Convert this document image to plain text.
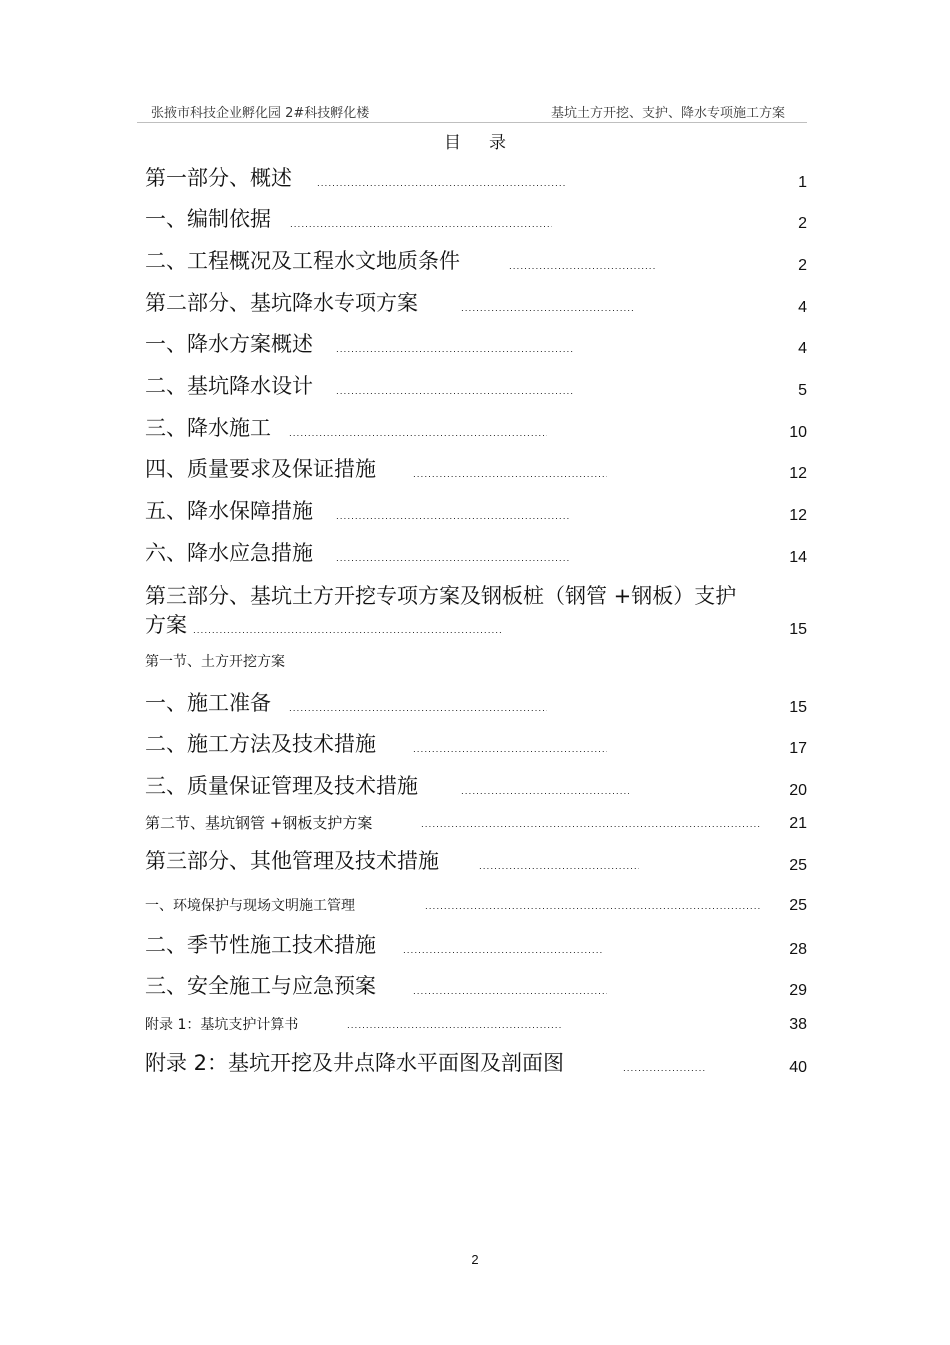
张掖市科技企业孵化园 2#科技孵化楼	基坑土方开挖、支护、降水专项施工方案
目录
第一部分、概述 .....	1
一、编制依据 .....	2
二、工程概况及工程水文地质条件 .....	2
第二部分、基坑降水专项方案 .....	4
一、降水方案概述 .....	4
二、基坑降水设计 .....	5
三、降水施工 .....	10
四、质量要求及保证措施 .....	12
五、降水保障措施 .....	12
六、降水应急措施 .....	14
第三部分、基坑土方开挖专项方案及钢板桩（钢管 +钢板）支护
方案 .....	15
第一节、土方开挖方案
一、施工准备 .....	15
二、施工方法及技术措施 .....	17
三、质量保证管理及技术措施 .....	20
第二节、基坑钢管 +钢板支护方案 .....	21
第三部分、其他管理及技术措施 .....	25
一、环境保护与现场文明施工管理 .....	25
二、季节性施工技术措施 .....	28
三、安全施工与应急预案 .....	29
附录 1：基坑支护计算书 .....	38
附录 2：基坑开挖及井点降水平面图及剖面图 .....	40
2
